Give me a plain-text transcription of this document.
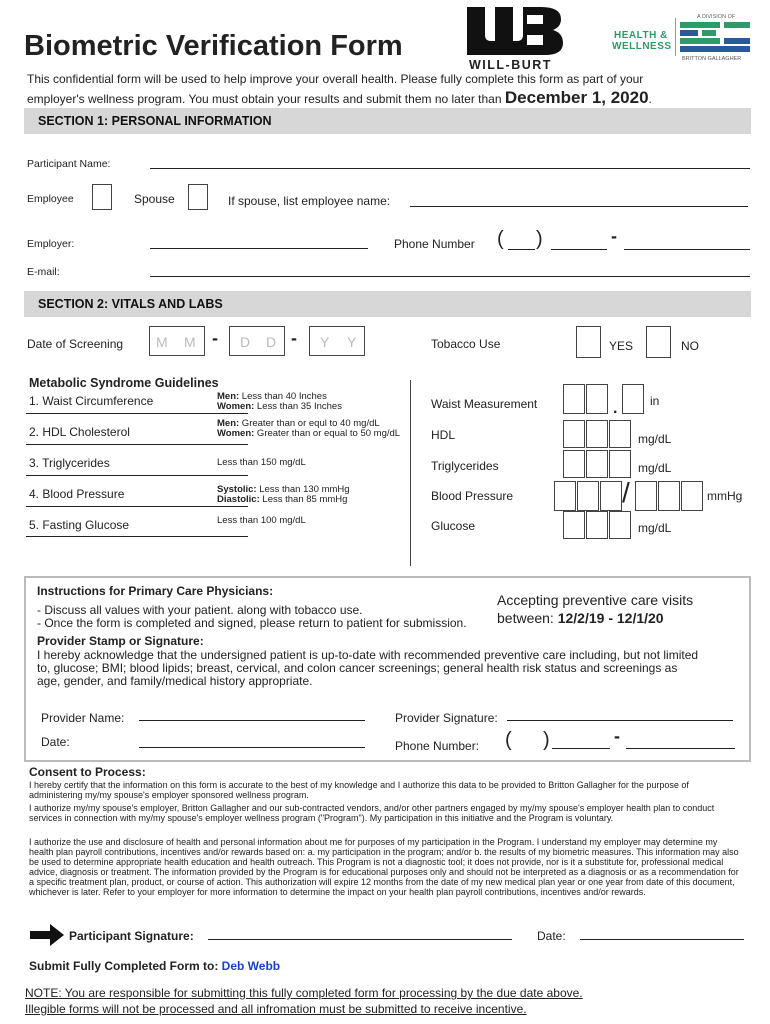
Biometric Verification Form
WILL-BURT
A DIVISION OF
HEALTH &
WELLNESS
BRITTON GALLAGHER
This confidential form will be used to help improve your overall health. Please fully complete this form as part of your
employer's wellness program. You must obtain your results and submit them no later than December 1, 2020.
SECTION 1: PERSONAL INFORMATION
Participant Name:
Employee	Spouse	If spouse, list employee name:
Employer:	Phone Number ( )	-
E-mail:
SECTION 2: VITALS AND LABS
Date of Screening M M - D D - Y Y	Tobacco Use	YES	NO
Metabolic Syndrome Guidelines
1. Waist Circumference	Men: Less than 40 Inches
Women: Less than 35 Inches
2. HDL Cholesterol
Men: Greater than or equl to 40 mg/dL
Women: Greater than or equal to 50 mg/dL
3. Triglycerides	Less than 150 mg/dL
4. Blood Pressure	Systolic: Less than 130 mmHg
Diastolic: Less than 85 mmHg
5. Fasting Glucose	Less than 100 mg/dL
Waist Measurement	.	in
HDL	mg/dL
Triglycerides	mg/dL
Blood Pressure	/	mmHg
Glucose	mg/dL
Instructions for Primary Care Physicians:
- Discuss all values with your patient. along with tobacco use.
- Once the form is completed and signed, please return to patient for submission.
Accepting preventive care visits
between: 12/2/19 - 12/1/20
Provider Stamp or Signature:
I hereby acknowledge that the undersigned patient is up-to-date with recommended preventive care including, but not limited
to, glucose; BMI; blood lipids; breast, cervical, and colon cancer screenings; general health risk status and screenings as
age, gender, and family/medical history appropriate.
Provider Name:	Provider Signature:
Date:	Phone Number: ( )	-
Consent to Process:
I hereby certify that the information on this form is accurate to the best of my knowledge and I authorize this data to be provided to Britton Gallagher for the purpose of administering my/my spouse's employer sponsored wellness program.
I authorize my/my spouse's employer, Britton Gallagher and our sub-contracted vendors, and/or other partners engaged by my/my spouse's employer health plan to conduct services in connection with my/my spouse's employer wellness program ("Program"). My participation in this initiative and the Program is voluntary.
I authorize the use and disclosure of health and personal information about me for purposes of my participation in the Program. I understand my employer may determine my health plan payroll contributions, incentives and/or rewards based on: a. my participation in the program; and/or b. the results of my biometric measures. This information may also be used to determine appropriate health education and health outreach. This Program is not a diagnostic tool; it does not provide, nor is it a substitute for, professional medical advice, diagnosis or treatment. The information provided by the Program is for educational purposes only and should not be interpreted as a diagnosis or as a recommendation for a specific treatment plan, product, or course of action. This authorization will expire 12 months from the date of my new medical plan year or one year from date of this document, whichever is later. Refer to your employer for more information to determine the impact on your health plan payroll contributions, incentives and/or rewards.
Participant Signature:	Date:
Submit Fully Completed Form to: Deb Webb
NOTE: You are responsible for submitting this fully completed form for processing by the due date above.
Illegible forms will not be processed and all infromation must be submitted to receive incentive.
